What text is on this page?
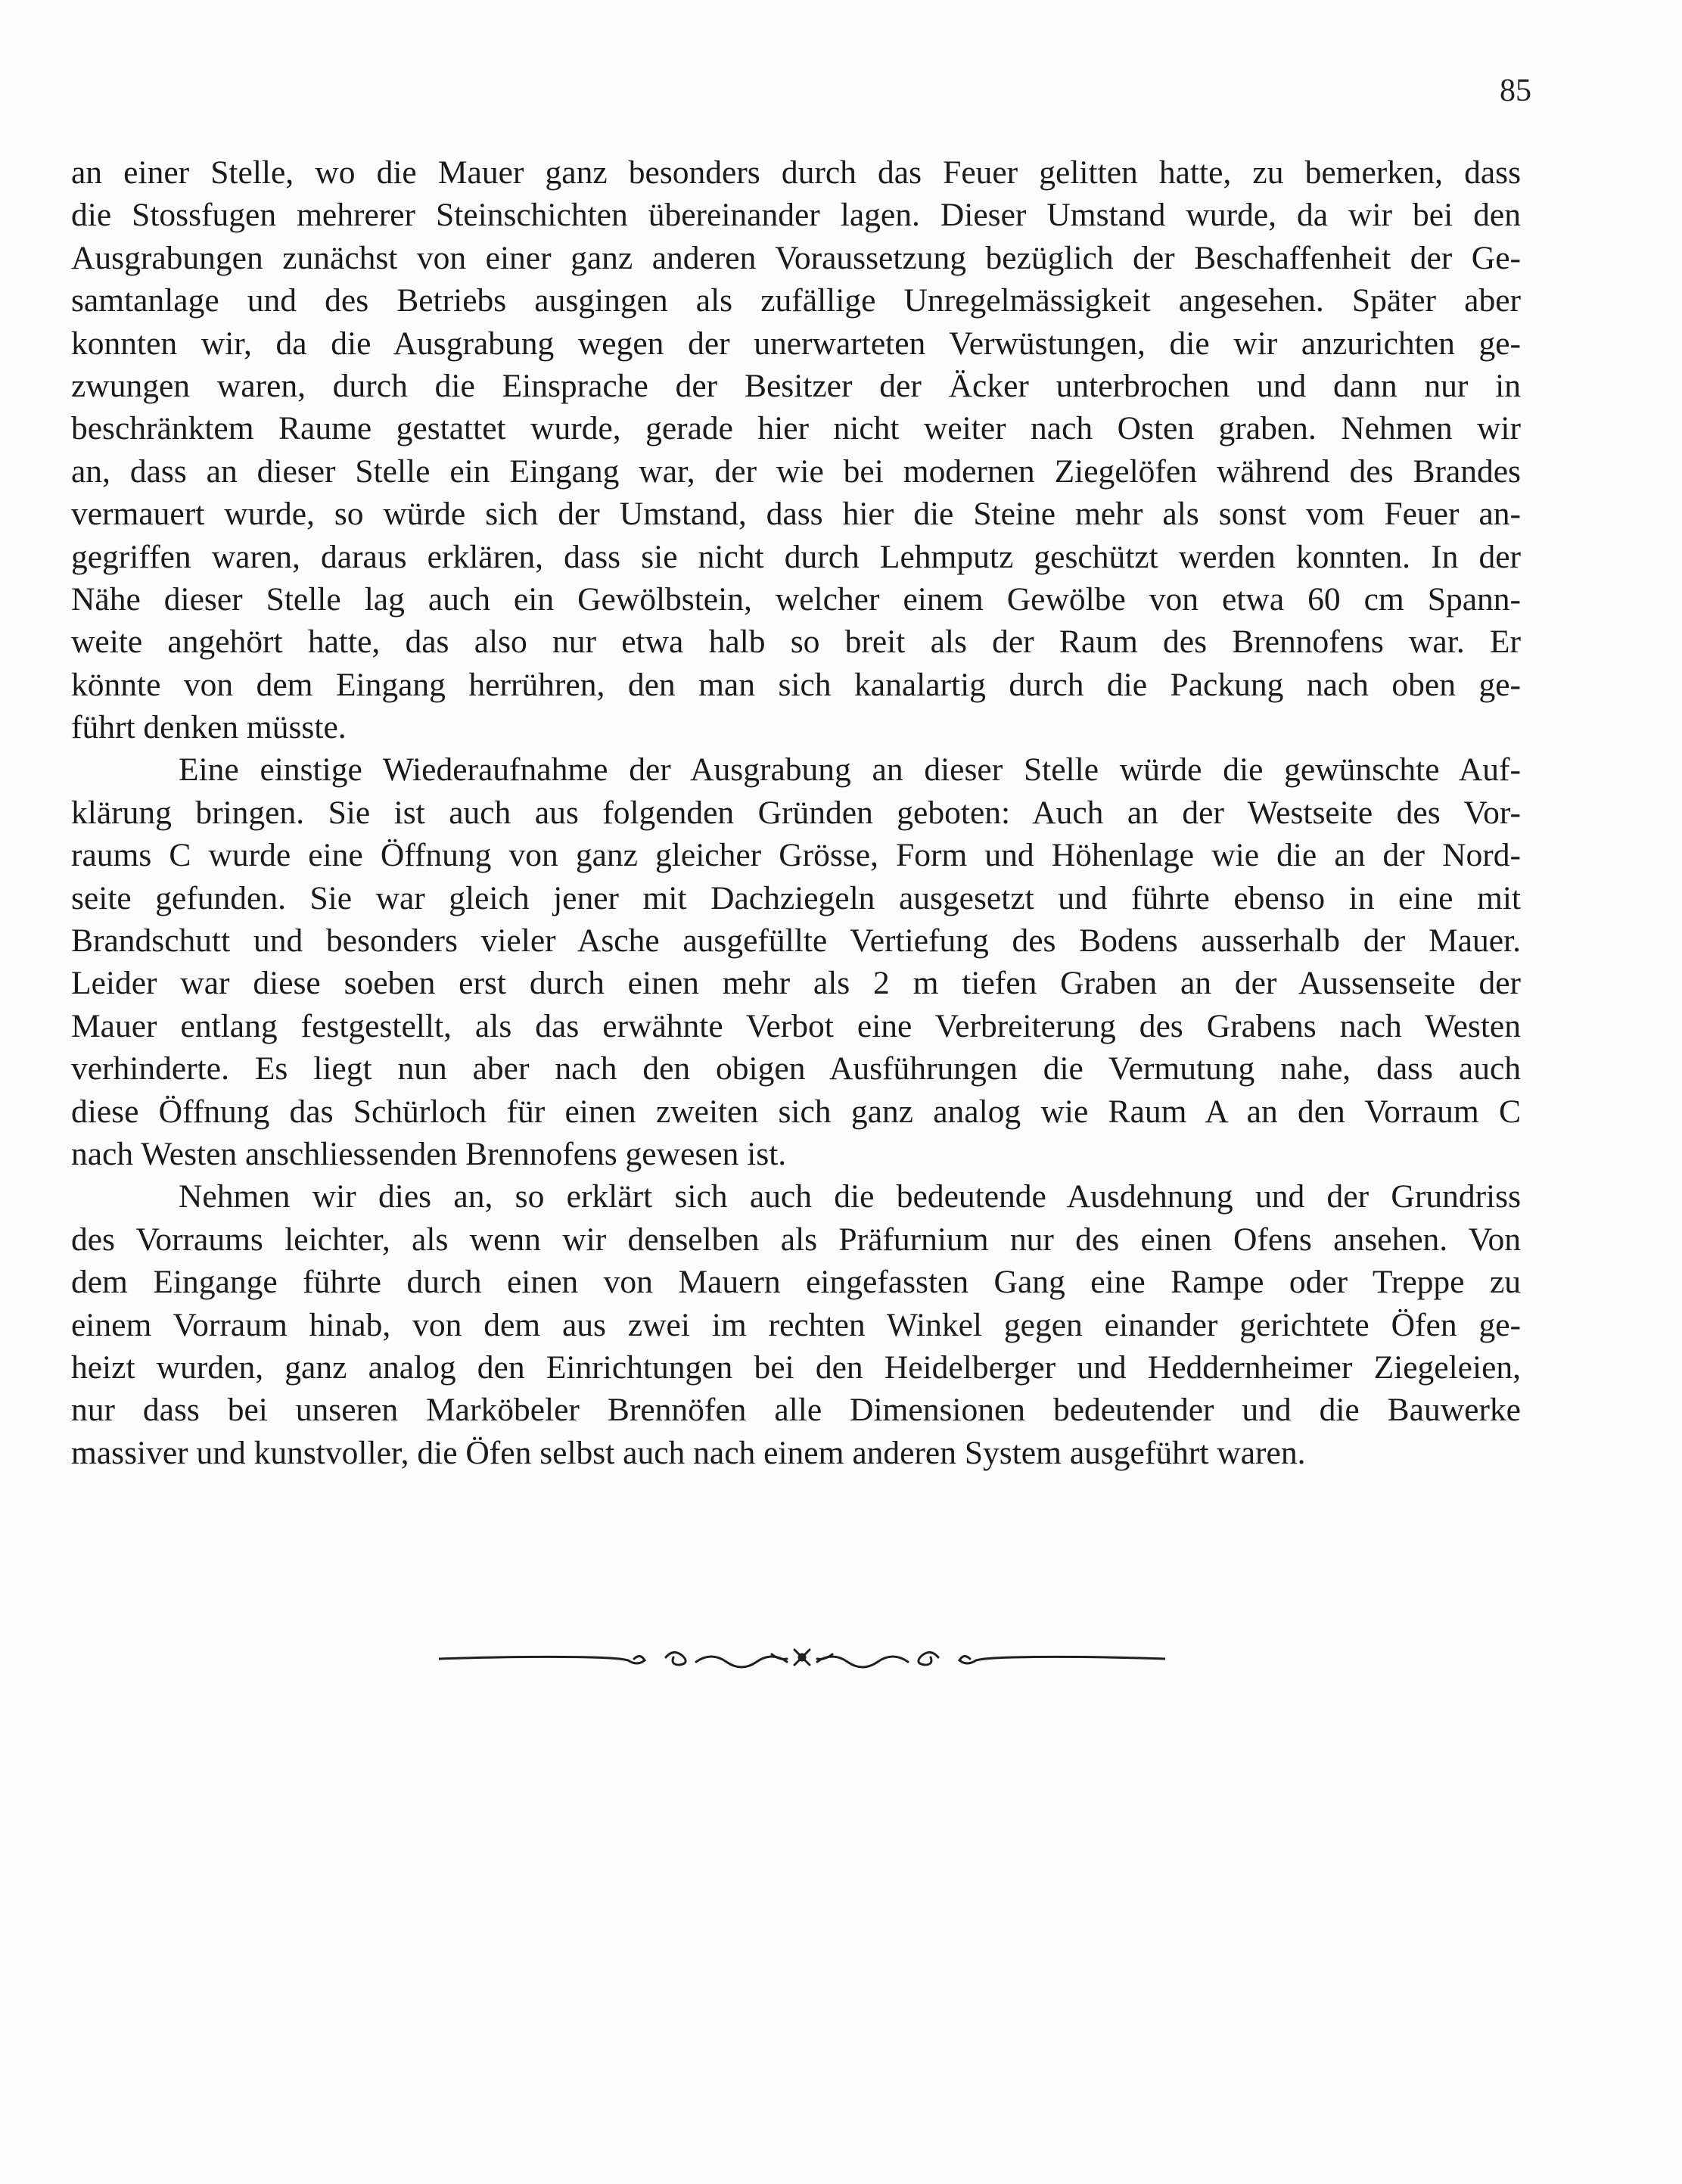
85
an einer Stelle, wo die Mauer ganz besonders durch das Feuer gelitten hatte, zu bemerken, dass
die Stossfugen mehrerer Steinschichten übereinander lagen. Dieser Umstand wurde, da wir bei den
Ausgrabungen zunächst von einer ganz anderen Voraussetzung bezüglich der Beschaffenheit der Ge-
samtanlage und des Betriebs ausgingen als zufällige Unregelmässigkeit angesehen. Später aber
konnten wir, da die Ausgrabung wegen der unerwarteten Verwüstungen, die wir anzurichten ge-
zwungen waren, durch die Einsprache der Besitzer der Äcker unterbrochen und dann nur in
beschränktem Raume gestattet wurde, gerade hier nicht weiter nach Osten graben. Nehmen wir
an, dass an dieser Stelle ein Eingang war, der wie bei modernen Ziegelöfen während des Brandes
vermauert wurde, so würde sich der Umstand, dass hier die Steine mehr als sonst vom Feuer an-
gegriffen waren, daraus erklären, dass sie nicht durch Lehmputz geschützt werden konnten. In der
Nähe dieser Stelle lag auch ein Gewölbstein, welcher einem Gewölbe von etwa 60 cm Spann-
weite angehört hatte, das also nur etwa halb so breit als der Raum des Brennofens war. Er
könnte von dem Eingang herrühren, den man sich kanalartig durch die Packung nach oben ge-
führt denken müsste.
Eine einstige Wiederaufnahme der Ausgrabung an dieser Stelle würde die gewünschte Auf-
klärung bringen. Sie ist auch aus folgenden Gründen geboten: Auch an der Westseite des Vor-
raums C wurde eine Öffnung von ganz gleicher Grösse, Form und Höhenlage wie die an der Nord-
seite gefunden. Sie war gleich jener mit Dachziegeln ausgesetzt und führte ebenso in eine mit
Brandschutt und besonders vieler Asche ausgefüllte Vertiefung des Bodens ausserhalb der Mauer.
Leider war diese soeben erst durch einen mehr als 2 m tiefen Graben an der Aussenseite der
Mauer entlang festgestellt, als das erwähnte Verbot eine Verbreiterung des Grabens nach Westen
verhinderte. Es liegt nun aber nach den obigen Ausführungen die Vermutung nahe, dass auch
diese Öffnung das Schürloch für einen zweiten sich ganz analog wie Raum A an den Vorraum C
nach Westen anschliessenden Brennofens gewesen ist.
Nehmen wir dies an, so erklärt sich auch die bedeutende Ausdehnung und der Grundriss
des Vorraums leichter, als wenn wir denselben als Präfurnium nur des einen Ofens ansehen. Von
dem Eingange führte durch einen von Mauern eingefassten Gang eine Rampe oder Treppe zu
einem Vorraum hinab, von dem aus zwei im rechten Winkel gegen einander gerichtete Öfen ge-
heizt wurden, ganz analog den Einrichtungen bei den Heidelberger und Heddernheimer Ziegeleien,
nur dass bei unseren Marköbeler Brennöfen alle Dimensionen bedeutender und die Bauwerke
massiver und kunstvoller, die Öfen selbst auch nach einem anderen System ausgeführt waren.
